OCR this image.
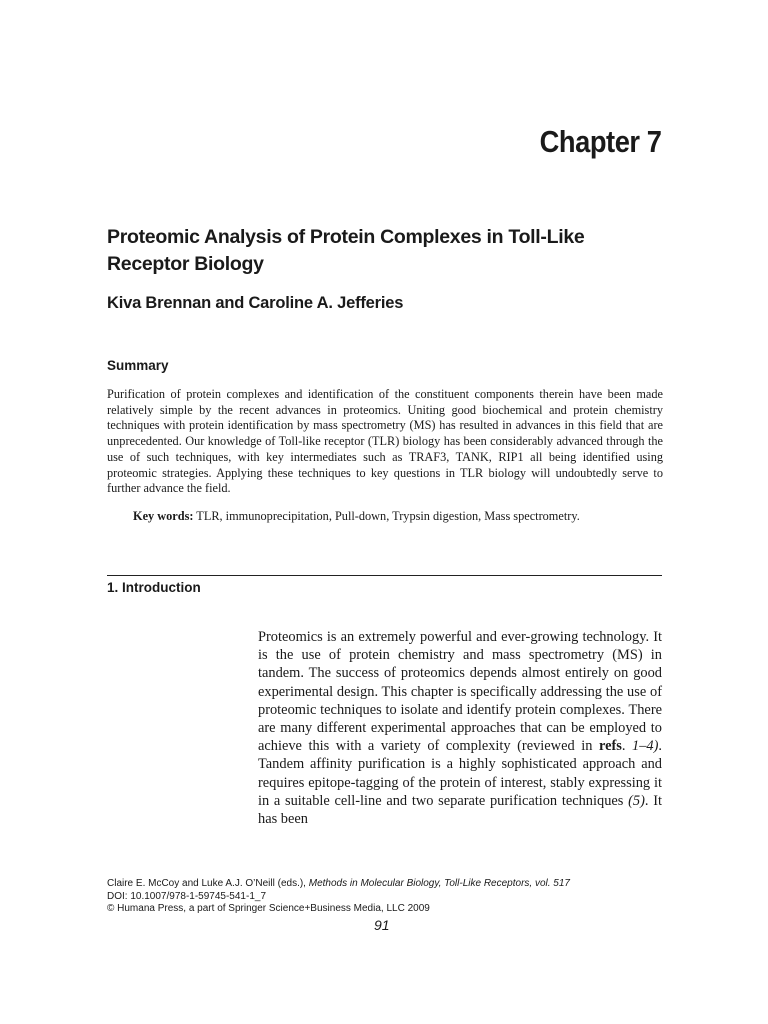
Chapter 7
Proteomic Analysis of Protein Complexes in Toll-Like Receptor Biology

Kiva Brennan and Caroline A. Jefferies

Summary

Purification of protein complexes and identification of the constituent components therein have been made relatively simple by the recent advances in proteomics. Uniting good biochemical and protein chemistry techniques with protein identification by mass spectrometry (MS) has resulted in advances in this field that are unprecedented. Our knowledge of Toll-like receptor (TLR) biology has been considerably advanced through the use of such techniques, with key intermediates such as TRAF3, TANK, RIP1 all being identified using proteomic strategies. Applying these techniques to key questions in TLR biology will undoubtedly serve to further advance the field.

Key words: TLR, immunoprecipitation, Pull-down, Trypsin digestion, Mass spectrometry.

1. Introduction

Proteomics is an extremely powerful and ever-growing technology. It is the use of protein chemistry and mass spectrometry (MS) in tandem. The success of proteomics depends almost entirely on good experimental design. This chapter is specifically addressing the use of proteomic techniques to isolate and identify protein complexes. There are many different experimental approaches that can be employed to achieve this with a variety of complexity (reviewed in refs. 1–4). Tandem affinity purification is a highly sophisticated approach and requires epitope-tagging of the protein of interest, stably expressing it in a suitable cell-line and two separate purification techniques (5). It has been

Claire E. McCoy and Luke A.J. O’Neill (eds.), Methods in Molecular Biology, Toll-Like Receptors, vol. 517
DOI: 10.1007/978-1-59745-541-1_7
© Humana Press, a part of Springer Science+Business Media, LLC 2009

91
